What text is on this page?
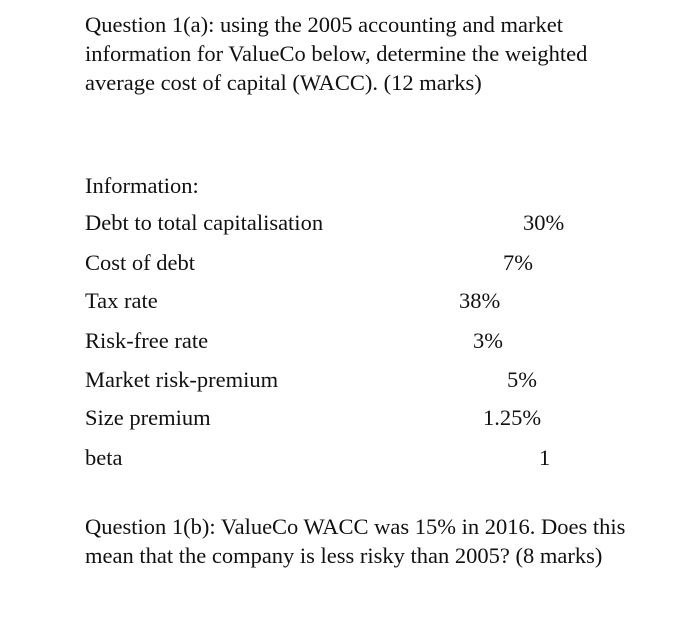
Question 1(a): using the 2005 accounting and market information for ValueCo below, determine the weighted average cost of capital (WACC). (12 marks)
Information:
Debt to total capitalisation	30%
Cost of debt	7%
Tax rate	38%
Risk-free rate	3%
Market risk-premium	5%
Size premium	1.25%
beta	1
Question 1(b): ValueCo WACC was 15% in 2016. Does this mean that the company is less risky than 2005? (8 marks)
